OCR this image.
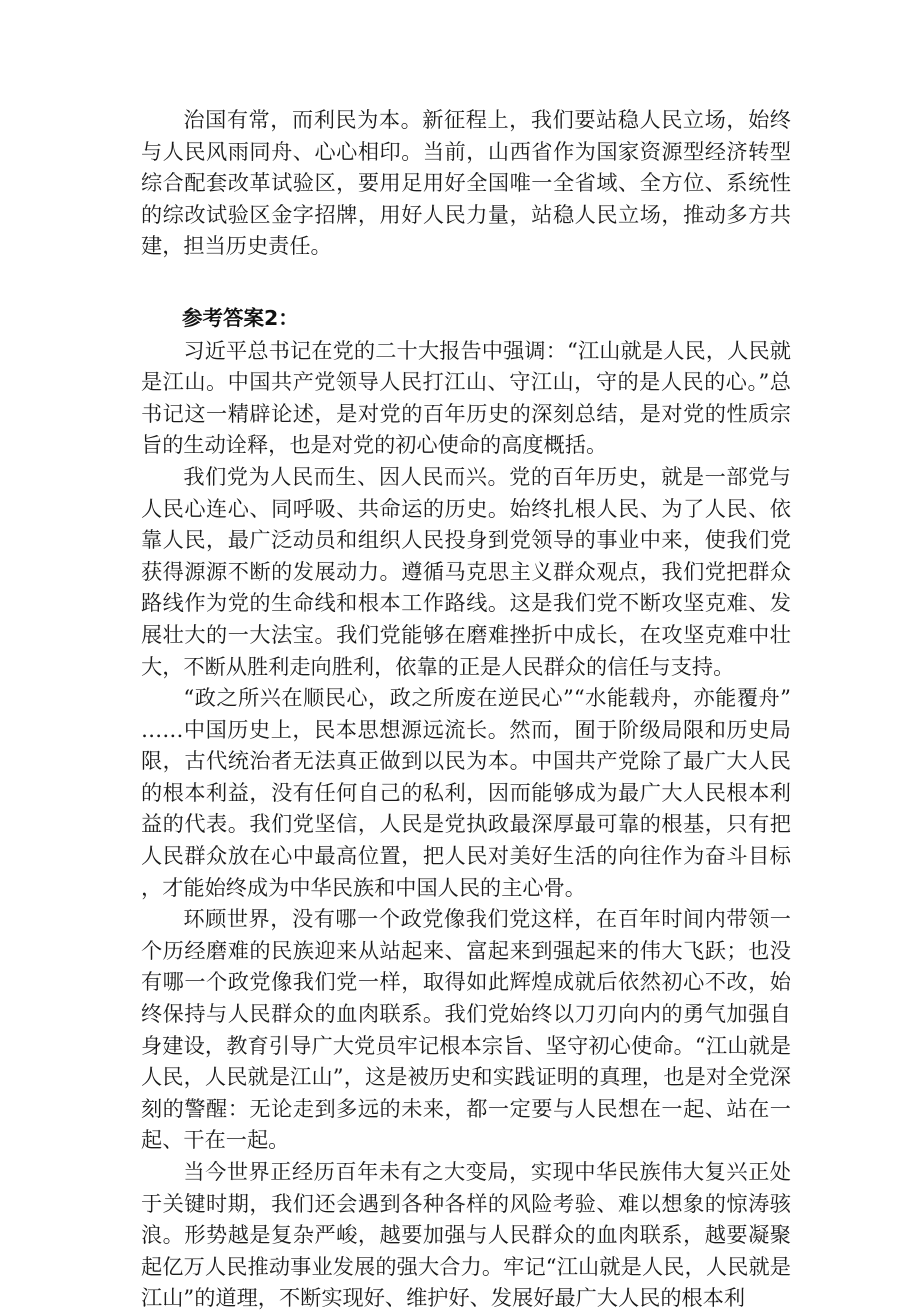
治国有常，而利民为本。新征程上，我们要站稳人民立场，始终与人民风雨同舟、心心相印。当前，山西省作为国家资源型经济转型综合配套改革试验区，要用足用好全国唯一全省域、全方位、系统性的综改试验区金字招牌，用好人民力量，站稳人民立场，推动多方共建，担当历史责任。

参考答案2：

习近平总书记在党的二十大报告中强调：“江山就是人民，人民就是江山。中国共产党领导人民打江山、守江山，守的是人民的心。”总书记这一精辟论述，是对党的百年历史的深刻总结，是对党的性质宗旨的生动诠释，也是对党的初心使命的高度概括。

我们党为人民而生、因人民而兴。党的百年历史，就是一部党与人民心连心、同呼吸、共命运的历史。始终扎根人民、为了人民、依靠人民，最广泛动员和组织人民投身到党领导的事业中来，使我们党获得源源不断的发展动力。遵循马克思主义群众观点，我们党把群众路线作为党的生命线和根本工作路线。这是我们党不断攻坚克难、发展壮大的一大法宝。我们党能够在磨难挫折中成长，在攻坚克难中壮大，不断从胜利走向胜利，依靠的正是人民群众的信任与支持。

“政之所兴在顺民心，政之所废在逆民心”“水能载舟，亦能覆舟”……中国历史上，民本思想源远流长。然而，囿于阶级局限和历史局限，古代统治者无法真正做到以民为本。中国共产党除了最广大人民的根本利益，没有任何自己的私利，因而能够成为最广大人民根本利益的代表。我们党坚信，人民是党执政最深厚最可靠的根基，只有把人民群众放在心中最高位置，把人民对美好生活的向往作为奋斗目标，才能始终成为中华民族和中国人民的主心骨。

环顾世界，没有哪一个政党像我们党这样，在百年时间内带领一个历经磨难的民族迎来从站起来、富起来到强起来的伟大飞跃；也没有哪一个政党像我们党一样，取得如此辉煌成就后依然初心不改，始终保持与人民群众的血肉联系。我们党始终以刀刃向内的勇气加强自身建设，教育引导广大党员牢记根本宗旨、坚守初心使命。“江山就是人民，人民就是江山”，这是被历史和实践证明的真理，也是对全党深刻的警醒：无论走到多远的未来，都一定要与人民想在一起、站在一起、干在一起。

当今世界正经历百年未有之大变局，实现中华民族伟大复兴正处于关键时期，我们还会遇到各种各样的风险考验、难以想象的惊涛骇浪。形势越是复杂严峻，越要加强与人民群众的血肉联系，越要凝聚起亿万人民推动事业发展的强大合力。牢记“江山就是人民，人民就是江山”的道理，不断实现好、维护好、发展好最广大人民的根本利
